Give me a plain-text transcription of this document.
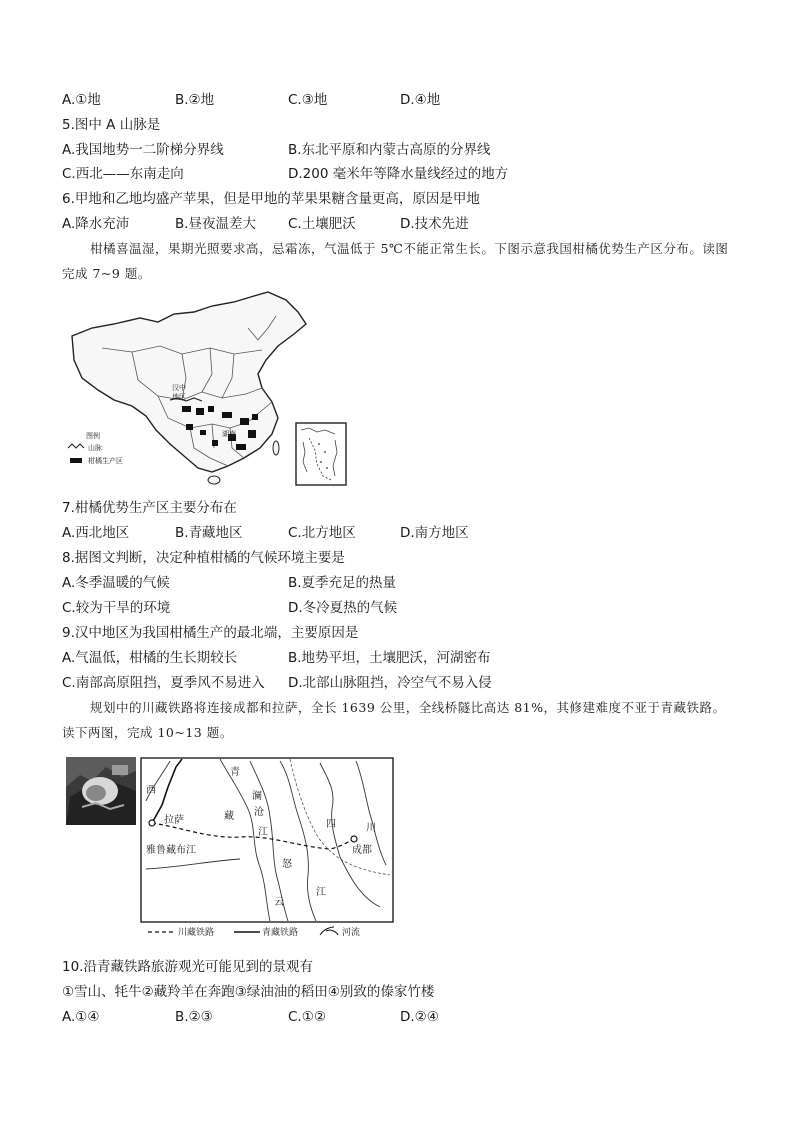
A.①地	B.②地	C.③地	D.④地
5.图中 A 山脉是
A.我国地势一二阶梯分界线	B.东北平原和内蒙古高原的分界线
C.西北——东南走向	D.200 毫米年等降水量线经过的地方
6.甲地和乙地均盛产苹果，但是甲地的苹果果糖含量更高，原因是甲地
A.降水充沛	B.昼夜温差大 C.土壤肥沃	D.技术先进
柑橘喜温湿，果期光照要求高，忌霜冻，气温低于 5℃不能正常生长。下图示意我国柑橘优势生产区分布。读图完成 7~9 题。
汉中
地区
湖南
图例
山脉
柑橘生产区
7.柑橘优势生产区主要分布在
A.西北地区	B.青藏地区	C.北方地区	D.南方地区
8.据图文判断，决定种植柑橘的气候环境主要是
A.冬季温暖的气候	B.夏季充足的热量
C.较为干旱的环境	D.冬冷夏热的气候
9.汉中地区为我国柑橘生产的最北端，主要原因是
A.气温低，柑橘的生长期较长	B.地势平坦，土壤肥沃，河湖密布
C.南部高原阻挡，夏季风不易进入 D.北部山脉阻挡，冷空气不易入侵
规划中的川藏铁路将连接成都和拉萨，全长 1639 公里，全线桥隧比高达 81%，其修建难度不亚于青藏铁路。读下两图，完成 10~13 题。
西
藏
拉萨
青
澜
沧
江
四	川
成都
雅鲁藏布江
云
怒
江
川藏铁路	青藏铁路	河流
10.沿青藏铁路旅游观光可能见到的景观有
①雪山、牦牛②藏羚羊在奔跑③绿油油的稻田④别致的傣家竹楼
A.①④	B.②③	C.①②	D.②④
